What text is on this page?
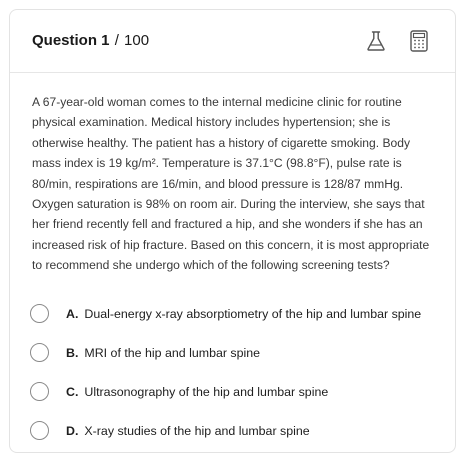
Question 1 / 100

A 67-year-old woman comes to the internal medicine clinic for routine physical examination. Medical history includes hypertension; she is otherwise healthy. The patient has a history of cigarette smoking. Body mass index is 19 kg/m². Temperature is 37.1°C (98.8°F), pulse rate is 80/min, respirations are 16/min, and blood pressure is 128/87 mmHg. Oxygen saturation is 98% on room air. During the interview, she says that her friend recently fell and fractured a hip, and she wonders if she has an increased risk of hip fracture. Based on this concern, it is most appropriate to recommend she undergo which of the following screening tests?

A. Dual-energy x-ray absorptiometry of the hip and lumbar spine
B. MRI of the hip and lumbar spine
C. Ultrasonography of the hip and lumbar spine
D. X-ray studies of the hip and lumbar spine
